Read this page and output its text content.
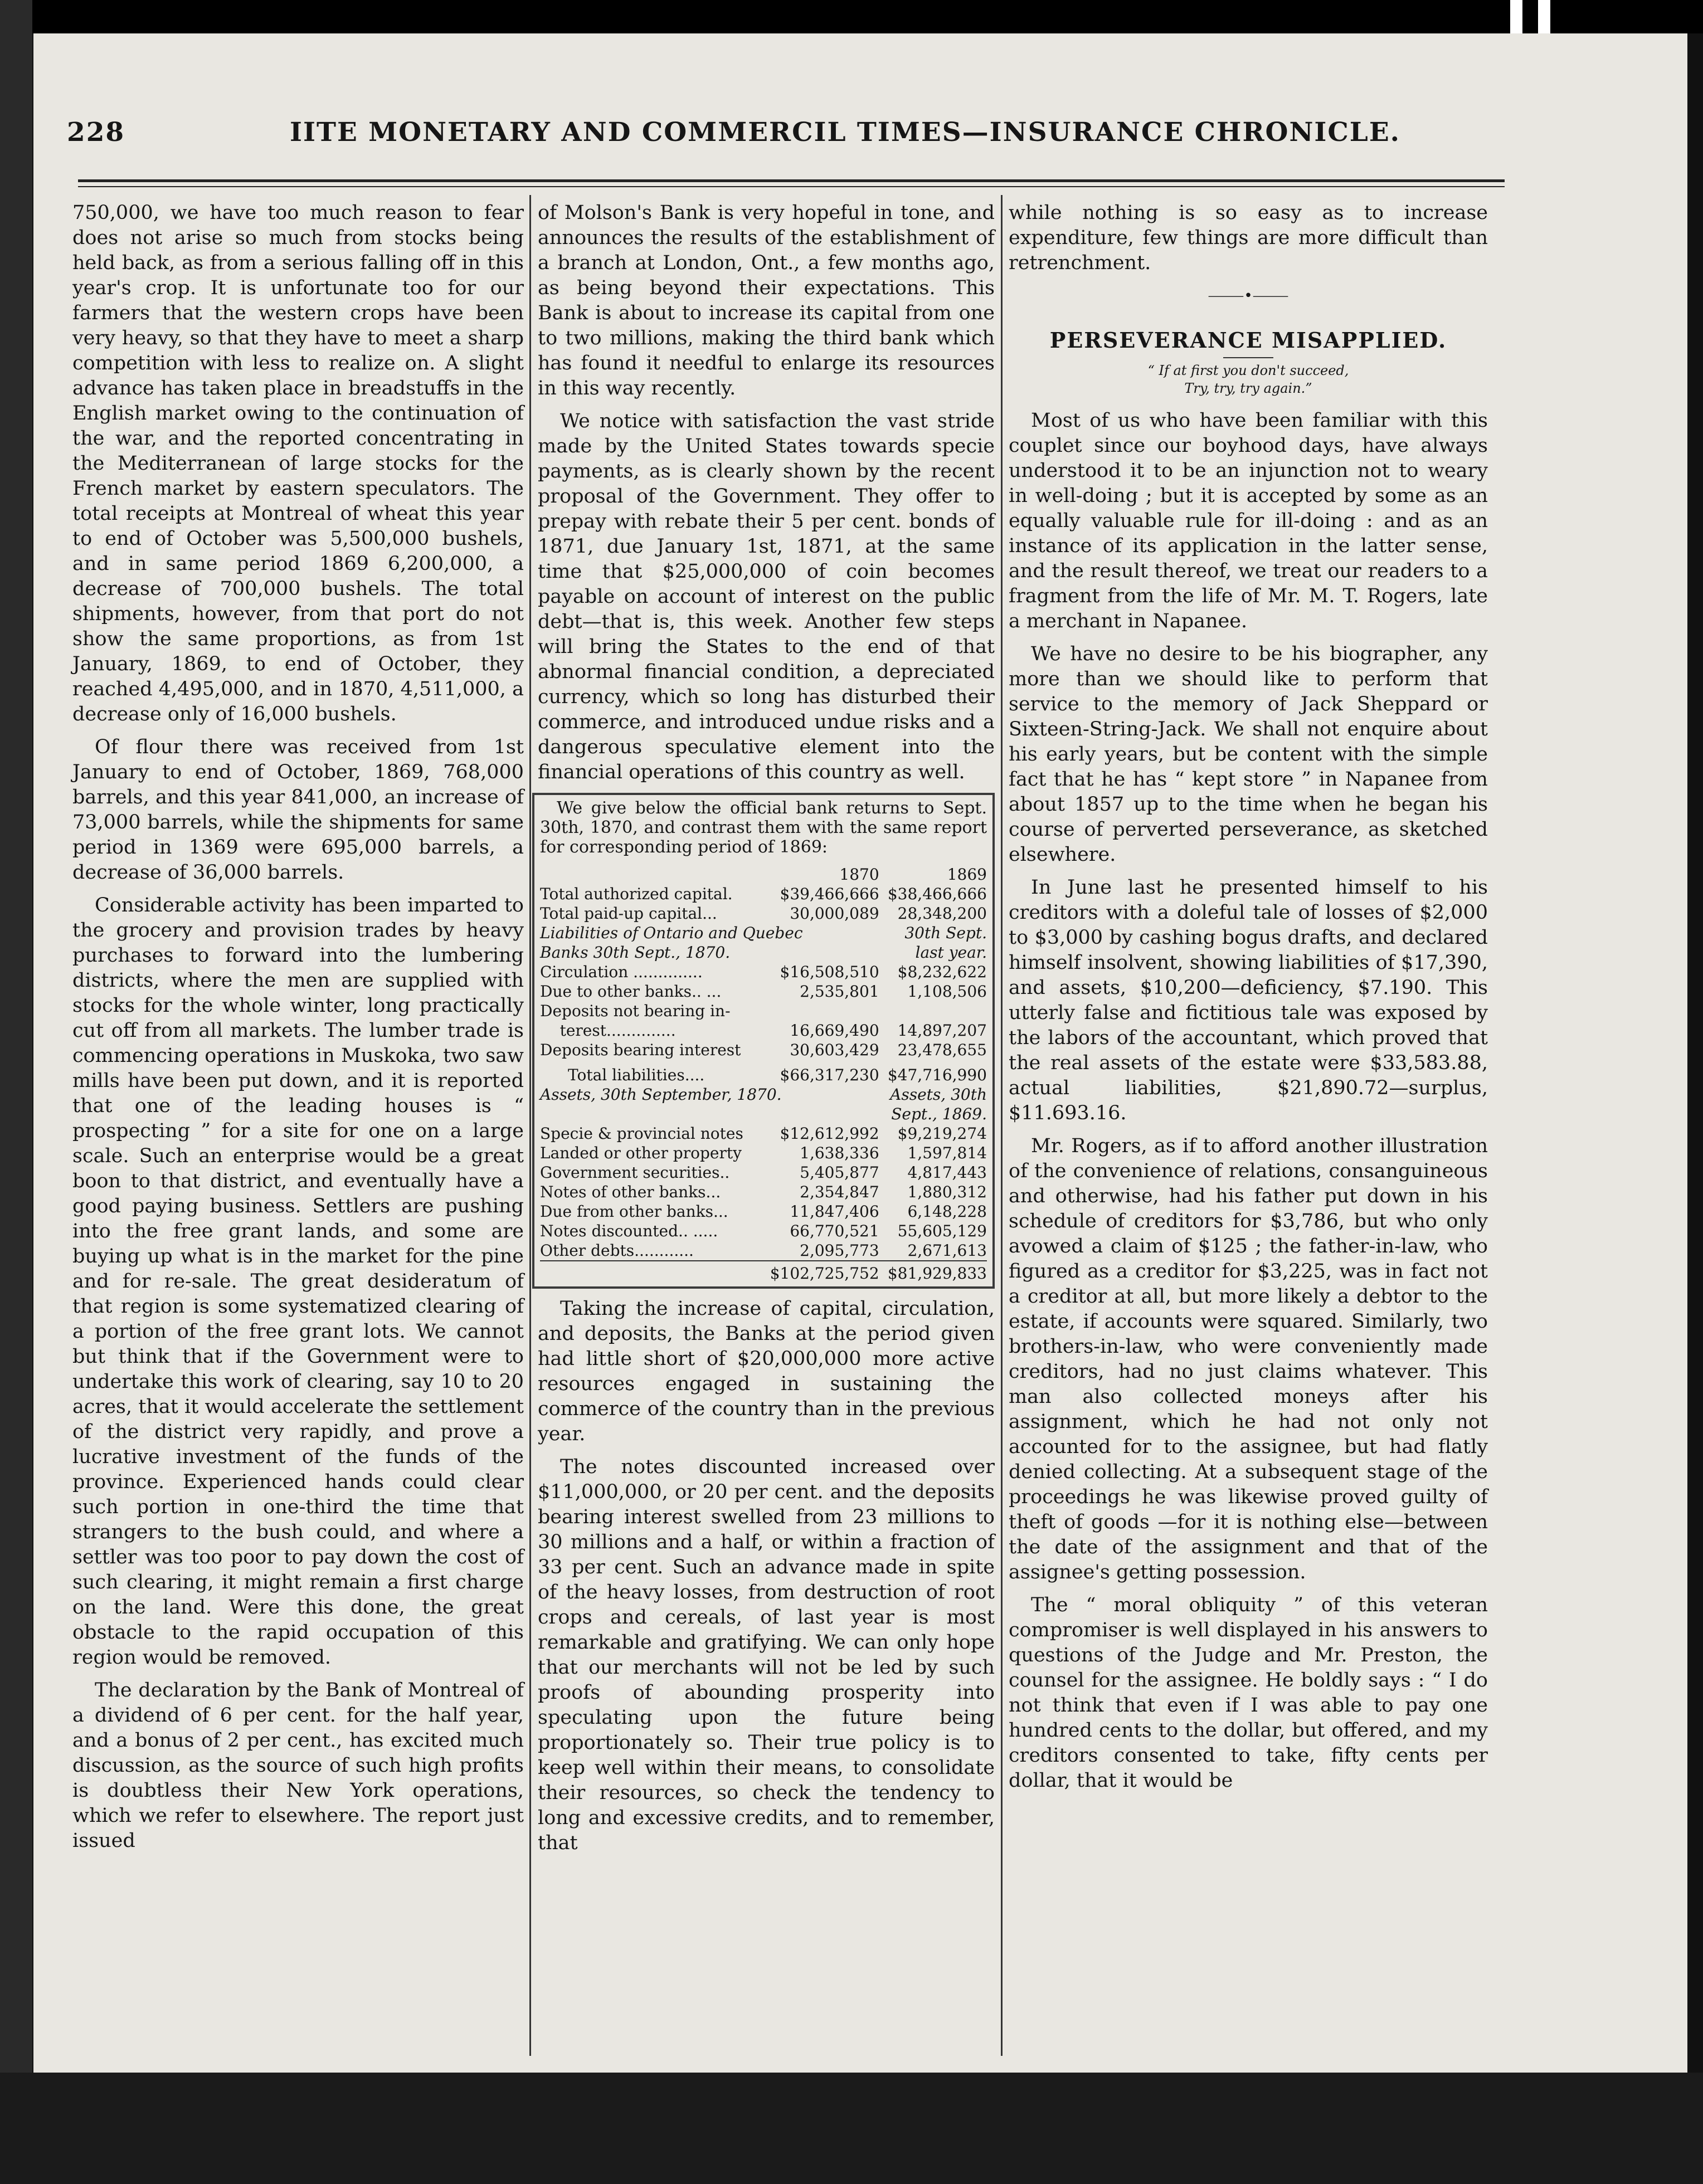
228	IITE MONETARY AND COMMERCIL TIMES—INSURANCE CHRONICLE.

750,000, we have too much reason to fear does not arise so much from stocks being held back, as from a serious falling off in this year's crop. It is unfortunate too for our farmers that the western crops have been very heavy, so that they have to meet a sharp competition with less to realize on. A slight advance has taken place in breadstuffs in the English market owing to the continuation of the war, and the reported concentrating in the Mediterranean of large stocks for the French market by eastern speculators. The total receipts at Montreal of wheat this year to end of October was 5,500,000 bushels, and in same period 1869 6,200,000, a decrease of 700,000 bushels. The total shipments, however, from that port do not show the same proportions, as from 1st January, 1869, to end of October, they reached 4,495,000, and in 1870, 4,511,000, a decrease only of 16,000 bushels.

Of flour there was received from 1st January to end of October, 1869, 768,000 barrels, and this year 841,000, an increase of 73,000 barrels, while the shipments for same period in 1369 were 695,000 barrels, a decrease of 36,000 barrels.

Considerable activity has been imparted to the grocery and provision trades by heavy purchases to forward into the lumbering districts, where the men are supplied with stocks for the whole winter, long practically cut off from all markets. The lumber trade is commencing operations in Muskoka, two saw mills have been put down, and it is reported that one of the leading houses is “ prospecting ” for a site for one on a large scale. Such an enterprise would be a great boon to that district, and eventually have a good paying business. Settlers are pushing into the free grant lands, and some are buying up what is in the market for the pine and for re-sale. The great desideratum of that region is some systematized clearing of a portion of the free grant lots. We cannot but think that if the Government were to undertake this work of clearing, say 10 to 20 acres, that it would accelerate the settlement of the district very rapidly, and prove a lucrative investment of the funds of the province. Experienced hands could clear such portion in one-third the time that strangers to the bush could, and where a settler was too poor to pay down the cost of such clearing, it might remain a first charge on the land. Were this done, the great obstacle to the rapid occupation of this region would be removed.

The declaration by the Bank of Montreal of a dividend of 6 per cent. for the half year, and a bonus of 2 per cent., has excited much discussion, as the source of such high profits is doubtless their New York operations, which we refer to elsewhere. The report just issued

of Molson's Bank is very hopeful in tone, and announces the results of the establishment of a branch at London, Ont., a few months ago, as being beyond their expectations. This Bank is about to increase its capital from one to two millions, making the third bank which has found it needful to enlarge its resources in this way recently.

We notice with satisfaction the vast stride made by the United States towards specie payments, as is clearly shown by the recent proposal of the Government. They offer to prepay with rebate their 5 per cent. bonds of 1871, due January 1st, 1871, at the same time that $25,000,000 of coin becomes payable on account of interest on the public debt—that is, this week. Another few steps will bring the States to the end of that abnormal financial condition, a depreciated currency, which so long has disturbed their commerce, and introduced undue risks and a dangerous speculative element into the financial operations of this country as well.

We give below the official bank returns to Sept. 30th, 1870, and contrast them with the same report for corresponding period of 1869:

	1870	1869
Total authorized capital.	$39,466,666	$38,466,666
Total paid-up capital...	30,000,089	28,348,200
Liabilities of Ontario and Quebec		30th Sept.
Banks 30th Sept., 1870.		last year.
Circulation ..............	$16,508,510	$8,232,622
Due to other banks.. ...	2,535,801	1,108,506
Deposits not bearing in-		
terest..............	16,669,490	14,897,207
Deposits bearing interest	30,603,429	23,478,655
Total liabilities....	$66,317,230	$47,716,990
Assets, 30th September, 1870.		Assets, 30th
		Sept., 1869.
Specie & provincial notes	$12,612,992	$9,219,274
Landed or other property	1,638,336	1,597,814
Government securities..	5,405,877	4,817,443
Notes of other banks...	2,354,847	1,880,312
Due from other banks...	11,847,406	6,148,228
Notes discounted.. .....	66,770,521	55,605,129
Other debts............	2,095,773	2,671,613
	$102,725,752	$81,929,833

Taking the increase of capital, circulation, and deposits, the Banks at the period given had little short of $20,000,000 more active resources engaged in sustaining the commerce of the country than in the previous year.

The notes discounted increased over $11,000,000, or 20 per cent. and the deposits bearing interest swelled from 23 millions to 30 millions and a half, or within a fraction of 33 per cent. Such an advance made in spite of the heavy losses, from destruction of root crops and cereals, of last year is most remarkable and gratifying. We can only hope that our merchants will not be led by such proofs of abounding prosperity into speculating upon the future being proportionately so. Their true policy is to keep well within their means, to consolidate their resources, so check the tendency to long and excessive credits, and to remember, that

while nothing is so easy as to increase expenditure, few things are more difficult than retrenchment.

⸻•⸻
PERSEVERANCE MISAPPLIED.
“ If at first you don't succeed,
Try, try, try again.”

Most of us who have been familiar with this couplet since our boyhood days, have always understood it to be an injunction not to weary in well-doing ; but it is accepted by some as an equally valuable rule for ill-doing : and as an instance of its application in the latter sense, and the result thereof, we treat our readers to a fragment from the life of Mr. M. T. Rogers, late a merchant in Napanee.

We have no desire to be his biographer, any more than we should like to perform that service to the memory of Jack Sheppard or Sixteen-String-Jack. We shall not enquire about his early years, but be content with the simple fact that he has “ kept store ” in Napanee from about 1857 up to the time when he began his course of perverted perseverance, as sketched elsewhere.

In June last he presented himself to his creditors with a doleful tale of losses of $2,000 to $3,000 by cashing bogus drafts, and declared himself insolvent, showing liabilities of $17,390, and assets, $10,200—deficiency, $7.190. This utterly false and fictitious tale was exposed by the labors of the accountant, which proved that the real assets of the estate were $33,583.88, actual liabilities, $21,890.72—surplus, $11.693.16.

Mr. Rogers, as if to afford another illustration of the convenience of relations, consanguineous and otherwise, had his father put down in his schedule of creditors for $3,786, but who only avowed a claim of $125 ; the father-in-law, who figured as a creditor for $3,225, was in fact not a creditor at all, but more likely a debtor to the estate, if accounts were squared. Similarly, two brothers-in-law, who were conveniently made creditors, had no just claims whatever. This man also collected moneys after his assignment, which he had not only not accounted for to the assignee, but had flatly denied collecting. At a subsequent stage of the proceedings he was likewise proved guilty of theft of goods —for it is nothing else—between the date of the assignment and that of the assignee's getting possession.

The “ moral obliquity ” of this veteran compromiser is well displayed in his answers to questions of the Judge and Mr. Preston, the counsel for the assignee. He boldly says : “ I do not think that even if I was able to pay one hundred cents to the dollar, but offered, and my creditors consented to take, fifty cents per dollar, that it would be
